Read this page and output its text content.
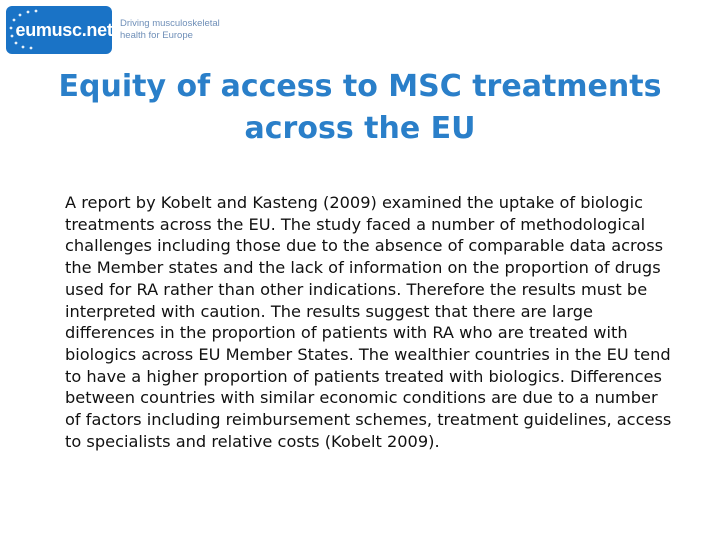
eumusc.net Driving musculoskeletal
health for Europe
Equity of access to MSC treatments
across the EU

A report by Kobelt and Kasteng (2009) examined the uptake of biologic treatments across the EU. The study faced a number of methodological challenges including those due to the absence of comparable data across the Member states and the lack of information on the proportion of drugs used for RA rather than other indications. Therefore the results must be interpreted with caution. The results suggest that there are large differences in the proportion of patients with RA who are treated with biologics across EU Member States. The wealthier countries in the EU tend to have a higher proportion of patients treated with biologics. Differences between countries with similar economic conditions are due to a number of factors including reimbursement schemes, treatment guidelines, access to specialists and relative costs (Kobelt 2009).
